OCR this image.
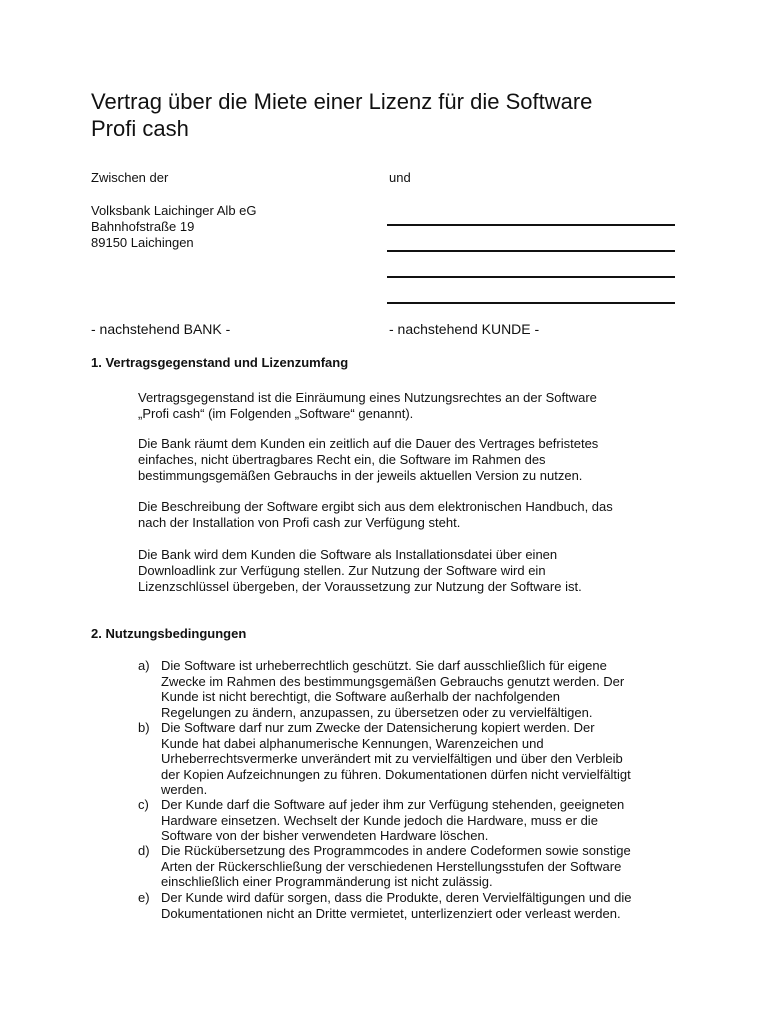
Vertrag über die Miete einer Lizenz für die Software
Profi cash
Zwischen der	und
Volksbank Laichinger Alb eG
Bahnhofstraße 19
89150 Laichingen
- nachstehend BANK -	- nachstehend KUNDE -
1. Vertragsgegenstand und Lizenzumfang
Vertragsgegenstand ist die Einräumung eines Nutzungsrechtes an der Software
„Profi cash“ (im Folgenden „Software“ genannt).
Die Bank räumt dem Kunden ein zeitlich auf die Dauer des Vertrages befristetes
einfaches, nicht übertragbares Recht ein, die Software im Rahmen des
bestimmungsgemäßen Gebrauchs in der jeweils aktuellen Version zu nutzen.
Die Beschreibung der Software ergibt sich aus dem elektronischen Handbuch, das
nach der Installation von Profi cash zur Verfügung steht.
Die Bank wird dem Kunden die Software als Installationsdatei über einen
Downloadlink zur Verfügung stellen. Zur Nutzung der Software wird ein
Lizenzschlüssel übergeben, der Voraussetzung zur Nutzung der Software ist.
2. Nutzungsbedingungen
a) Die Software ist urheberrechtlich geschützt. Sie darf ausschließlich für eigene
Zwecke im Rahmen des bestimmungsgemäßen Gebrauchs genutzt werden. Der
Kunde ist nicht berechtigt, die Software außerhalb der nachfolgenden
Regelungen zu ändern, anzupassen, zu übersetzen oder zu vervielfältigen.
b) Die Software darf nur zum Zwecke der Datensicherung kopiert werden. Der
Kunde hat dabei alphanumerische Kennungen, Warenzeichen und
Urheberrechtsvermerke unverändert mit zu vervielfältigen und über den Verbleib
der Kopien Aufzeichnungen zu führen. Dokumentationen dürfen nicht vervielfältigt
werden.
c) Der Kunde darf die Software auf jeder ihm zur Verfügung stehenden, geeigneten
Hardware einsetzen. Wechselt der Kunde jedoch die Hardware, muss er die
Software von der bisher verwendeten Hardware löschen.
d) Die Rückübersetzung des Programmcodes in andere Codeformen sowie sonstige
Arten der Rückerschließung der verschiedenen Herstellungsstufen der Software
einschließlich einer Programmänderung ist nicht zulässig.
e) Der Kunde wird dafür sorgen, dass die Produkte, deren Vervielfältigungen und die
Dokumentationen nicht an Dritte vermietet, unterlizenziert oder verleast werden.
